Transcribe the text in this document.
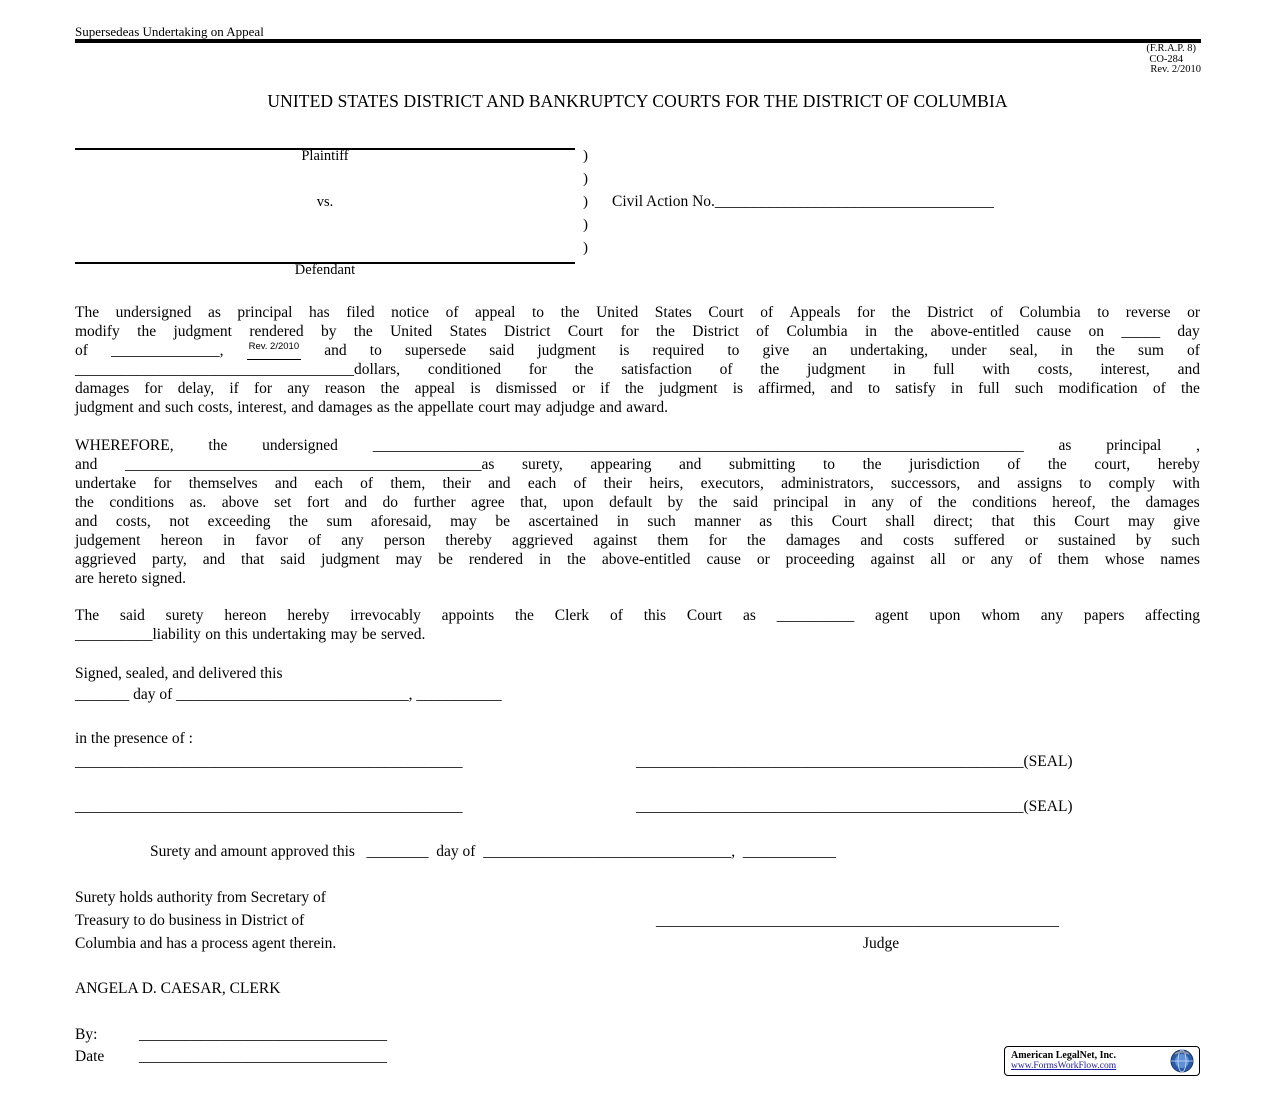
Supersedeas Undertaking on Appeal
(F.R.A.P. 8)
CO-284
Rev. 2/2010
UNITED STATES DISTRICT AND BANKRUPTCY COURTS FOR THE DISTRICT OF COLUMBIA
Plaintiff
vs.
Defendant
)
)
)
)
)
Civil Action No.____________________________________
The undersigned as principal has filed notice of appeal to the United States Court of Appeals for the District of Columbia to reverse or
modify the judgment rendered by the United States District Court for the District of Columbia in the above-entitled cause on _____ day
of ______________,	Rev. 2/2010 and to supersede said judgment is required to give an undertaking, under seal, in the sum of
____________________________________dollars, conditioned for the satisfaction of the judgment in full with costs, interest, and
damages for delay, if for any reason the appeal is dismissed or if the judgment is affirmed, and to satisfy in full such modification of the
judgment and such costs, interest, and damages as the appellate court may adjudge and award.
WHEREFORE, the undersigned ____________________________________________________________________________________ as principal ,
and ______________________________________________as surety, appearing and submitting to the jurisdiction of the court, hereby
undertake for themselves and each of them, their and each of their heirs, executors, administrators, successors, and assigns to comply with
the conditions as. above set fort and do further agree that, upon default by the said principal in any of the conditions hereof, the damages
and costs, not exceeding the sum aforesaid, may be ascertained in such manner as this Court shall direct; that this Court may give
judgement hereon in favor of any person thereby aggrieved against them for the damages and costs suffered or sustained by such
aggrieved party, and that said judgment may be rendered in the above-entitled cause or proceeding against all or any of them whose names
are hereto signed.
The said surety hereon hereby irrevocably appoints the Clerk of this Court as __________ agent upon whom any papers affecting
__________liability on this undertaking may be served.
Signed, sealed, and delivered this
_______ day of ______________________________, ___________
in the presence of :
__________________________________________________	__________________________________________________(SEAL)
__________________________________________________	__________________________________________________(SEAL)
Surety and amount approved this   ________  day of  ________________________________,  ____________
Surety holds authority from Secretary of
Treasury to do business in District of
Columbia and has a process agent therein.
____________________________________________________
Judge
ANGELA D. CAESAR, CLERK
By:	________________________________
Date ________________________________	American LegalNet, Inc.
www.FormsWorkFlow.com
